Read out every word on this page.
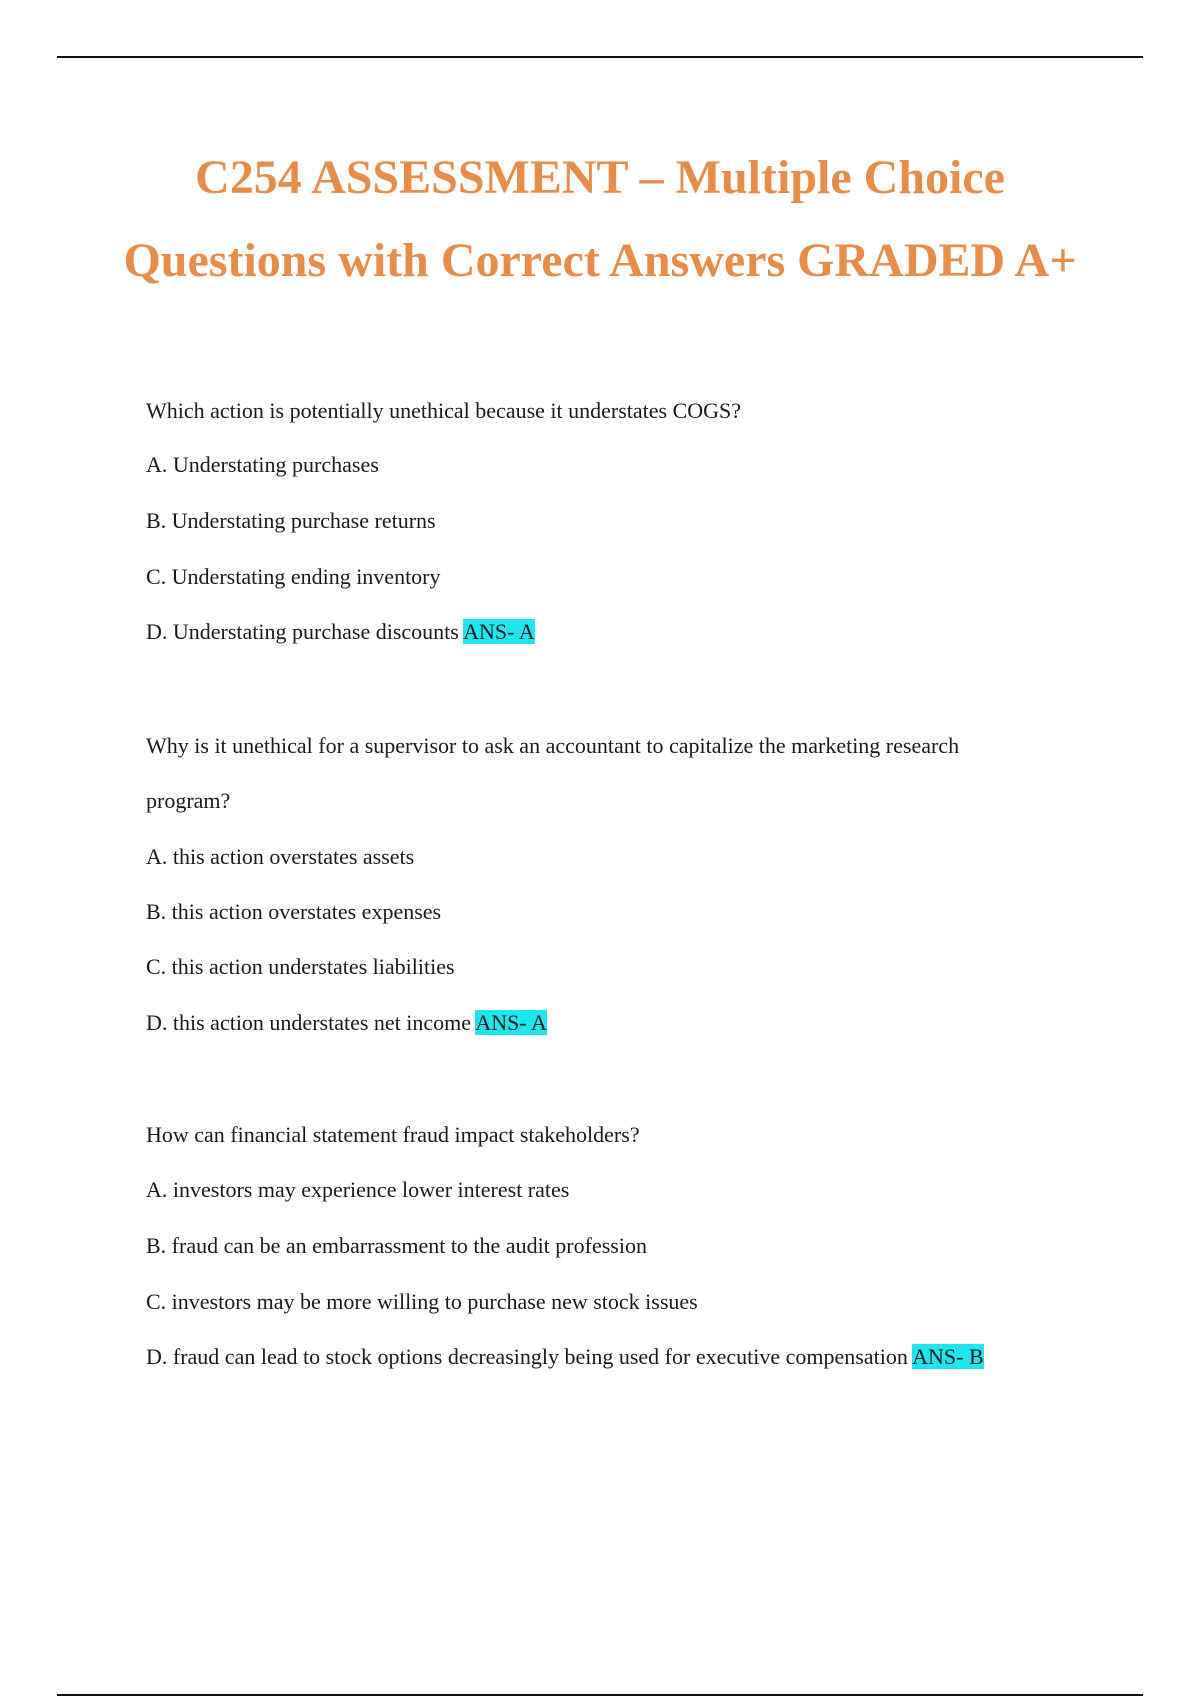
C254 ASSESSMENT – Multiple Choice Questions with Correct Answers GRADED A+

Which action is potentially unethical because it understates COGS?

A. Understating purchases

B. Understating purchase returns

C. Understating ending inventory

D. Understating purchase discounts ANS- A

Why is it unethical for a supervisor to ask an accountant to capitalize the marketing research

program?

A. this action overstates assets

B. this action overstates expenses

C. this action understates liabilities

D. this action understates net income ANS- A

How can financial statement fraud impact stakeholders?

A. investors may experience lower interest rates

B. fraud can be an embarrassment to the audit profession

C. investors may be more willing to purchase new stock issues

D. fraud can lead to stock options decreasingly being used for executive compensation ANS- B
